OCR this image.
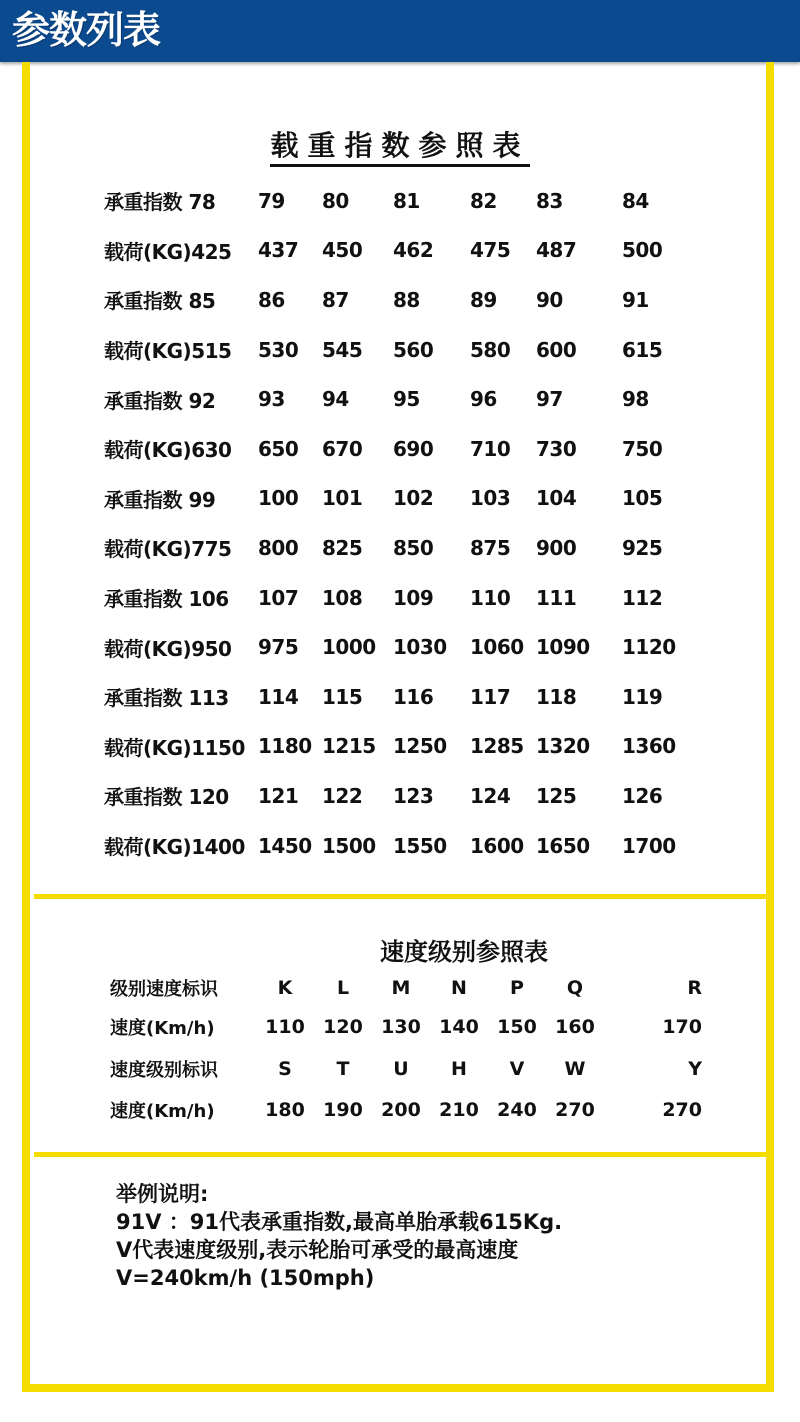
参数列表
载重指数参照表
承重指数 78	79	80	81	82	83	84
载荷(KG)425	437	450	462	475	487	500
承重指数 85	86	87	88	89	90	91
载荷(KG)515	530	545	560	580	600	615
承重指数 92	93	94	95	96	97	98
载荷(KG)630	650	670	690	710	730	750
承重指数 99	100	101	102	103	104	105
载荷(KG)775	800	825	850	875	900	925
承重指数 106	107	108	109	110	111	112
载荷(KG)950	975	1000	1030	1060	1090	1120
承重指数 113	114	115	116	117	118	119
载荷(KG)1150	1180	1215	1250	1285	1320	1360
承重指数 120	121	122	123	124	125	126
载荷(KG)1400	1450	1500	1550	1600	1650	1700
速度级别参照表
级别速度标识	K	L	M	N	P	Q	R
速度(Km/h)	110	120	130	140	150	160	170
速度级别标识	S	T	U	H	V	W	Y
速度(Km/h)	180	190	200	210	240	270	270
举例说明:
91V ：91代表承重指数,最高单胎承载615Kg.
V代表速度级别,表示轮胎可承受的最高速度
V=240km/h (150mph)
